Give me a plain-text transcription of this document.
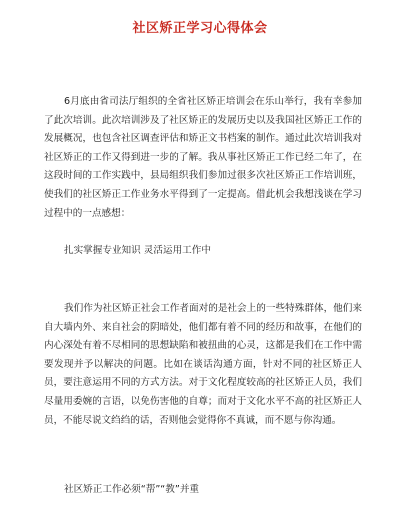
社区矫正学习心得体会
6月底由省司法厅组织的全省社区矫正培训会在乐山举行，我有幸参加了此次培训。此次培训涉及了社区矫正的发展历史以及我国社区矫正工作的发展概况，也包含社区调查评估和矫正文书档案的制作。通过此次培训我对社区矫正的工作又得到进一步的了解。我从事社区矫正工作已经二年了，在这段时间的工作实践中，县局组织我们参加过很多次社区矫正工作培训班，使我们的社区矫正工作业务水平得到了一定提高。借此机会我想浅谈在学习过程中的一点感想：
扎实掌握专业知识 灵活运用工作中
我们作为社区矫正社会工作者面对的是社会上的一些特殊群体，他们来自大墙内外、来自社会的阴暗处，他们都有着不同的经历和故事，在他们的内心深处有着不尽相同的思想缺陷和被扭曲的心灵，这都是我们在工作中需要发现并予以解决的问题。比如在谈话沟通方面，针对不同的社区矫正人员，要注意运用不同的方式方法。对于文化程度较高的社区矫正人员，我们尽量用委婉的言语，以免伤害他的自尊；而对于文化水平不高的社区矫正人员，不能尽说文绉绉的话，否则他会觉得你不真诚，而不愿与你沟通。
社区矫正工作必须“帮”“教”并重
